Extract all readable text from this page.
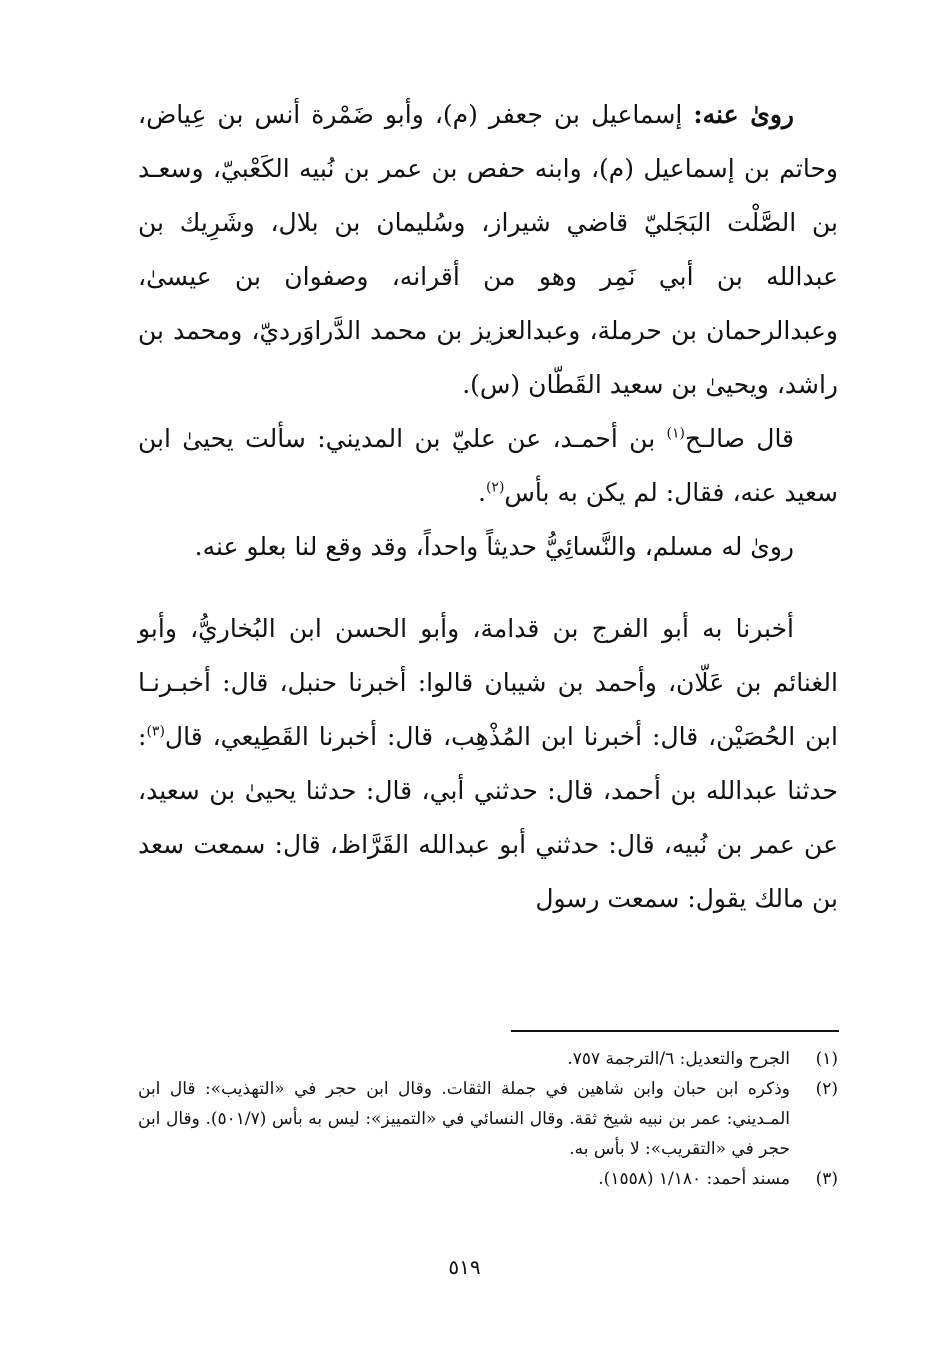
روىٰ عنه: إسماعيل بن جعفر (م)، وأبو ضَمْرة أنس بن عِياض، وحاتم بن إسماعيل (م)، وابنه حفص بن عمر بن نُبيه الكَعْبيّ، وسعـد بن الصَّلْت البَجَليّ قاضي شيراز، وسُليمان بن بلال، وشَرِيك بن عبدالله بن أبي نَمِر وهو من أقرانه، وصفوان بن عيسىٰ، وعبدالرحمان بن حرملة، وعبدالعزيز بن محمد الدَّراوَرديّ، ومحمد بن راشد، ويحيىٰ بن سعيد القَطّان (س).

قال صالـح$^{(١)}$ بن أحمـد، عن عليّ بن المديني: سألت يحيىٰ ابن سعيد عنه، فقال: لم يكن به بأس$^{(٢)}$.

روىٰ له مسلم، والنَّسائِيُّ حديثاً واحداً، وقد وقع لنا بعلو عنه.

أخبرنا به أبو الفرج بن قدامة، وأبو الحسن ابن البُخاريُّ، وأبو الغنائم بن عَلّان، وأحمد بن شيبان قالوا: أخبرنا حنبل، قال: أخبـرنـا ابن الحُصَيْن، قال: أخبرنا ابن المُذْهِب، قال: أخبرنا القَطِيعي، قال$^{(٣)}$: حدثنا عبدالله بن أحمد، قال: حدثني أبي، قال: حدثنا يحيىٰ بن سعيد، عن عمر بن نُبيه، قال: حدثني أبو عبدالله القَرَّاظ، قال: سمعت سعد بن مالك يقول: سمعت رسول

(١)
الجرح والتعديل: ٦/الترجمة ٧٥٧.
(٢)
وذكره ابن حبان وابن شاهين في جملة الثقات. وقال ابن حجر في «التهذيب»: قال ابن المـديني: عمر بن نبيه شيخ ثقة. وقال النسائي في «التمييز»: ليس به بأس (٥٠١/٧). وقال ابن حجر في «التقريب»: لا بأس به.
(٣)
مسند أحمد: ١/١٨٠ (١٥٥٨).
٥١٩
